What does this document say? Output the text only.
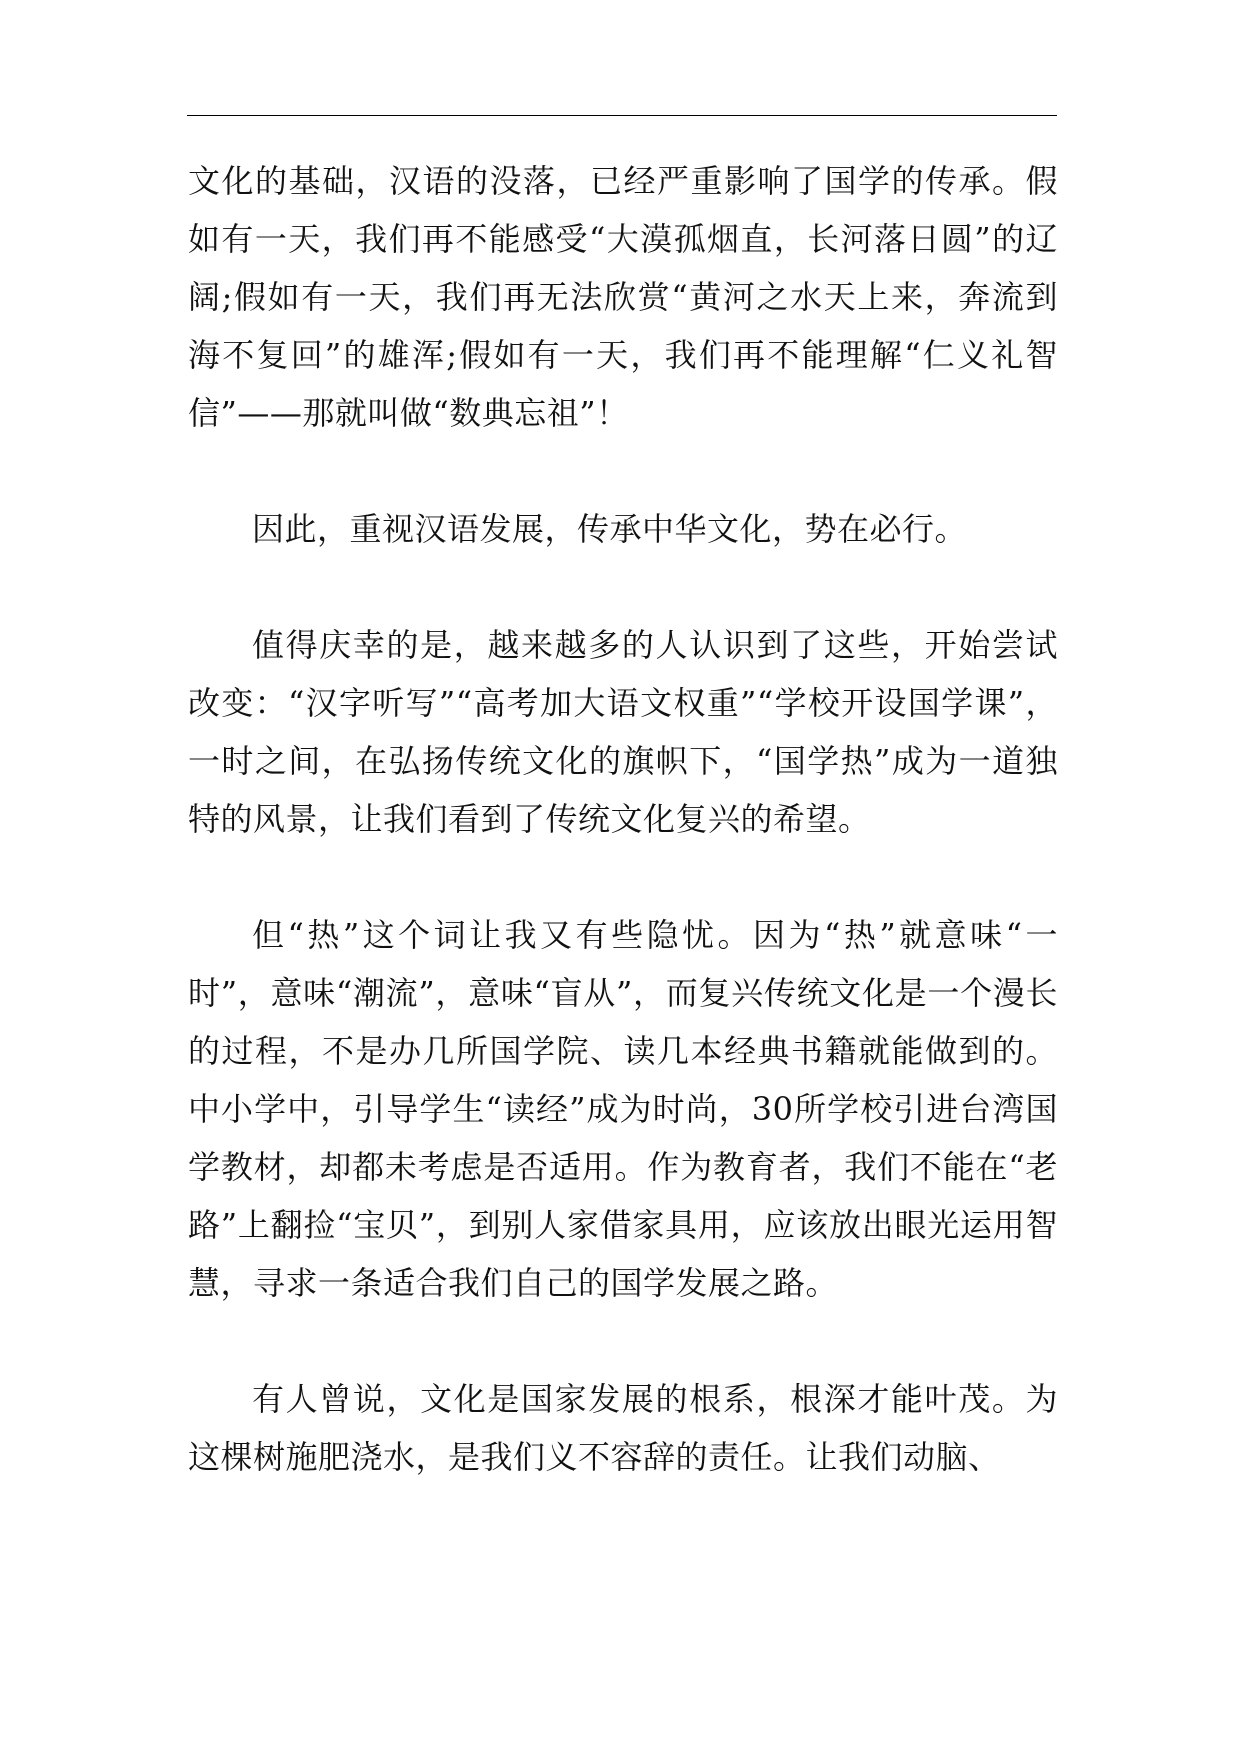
文化的基础，汉语的没落，已经严重影响了国学的传承。假如有一天，我们再不能感受“大漠孤烟直，长河落日圆”的辽阔;假如有一天，我们再无法欣赏“黄河之水天上来，奔流到海不复回”的雄浑;假如有一天，我们再不能理解“仁义礼智信”——那就叫做“数典忘祖”！

因此，重视汉语发展，传承中华文化，势在必行。

值得庆幸的是，越来越多的人认识到了这些，开始尝试改变：“汉字听写”“高考加大语文权重”“学校开设国学课”，一时之间，在弘扬传统文化的旗帜下，“国学热”成为一道独特的风景，让我们看到了传统文化复兴的希望。

但“热”这个词让我又有些隐忧。因为“热”就意味“一时”，意味“潮流”，意味“盲从”，而复兴传统文化是一个漫长的过程，不是办几所国学院、读几本经典书籍就能做到的。中小学中，引导学生“读经”成为时尚，30所学校引进台湾国学教材，却都未考虑是否适用。作为教育者，我们不能在“老路”上翻捡“宝贝”，到别人家借家具用，应该放出眼光运用智慧，寻求一条适合我们自己的国学发展之路。

有人曾说，文化是国家发展的根系，根深才能叶茂。为这棵树施肥浇水，是我们义不容辞的责任。让我们动脑、
